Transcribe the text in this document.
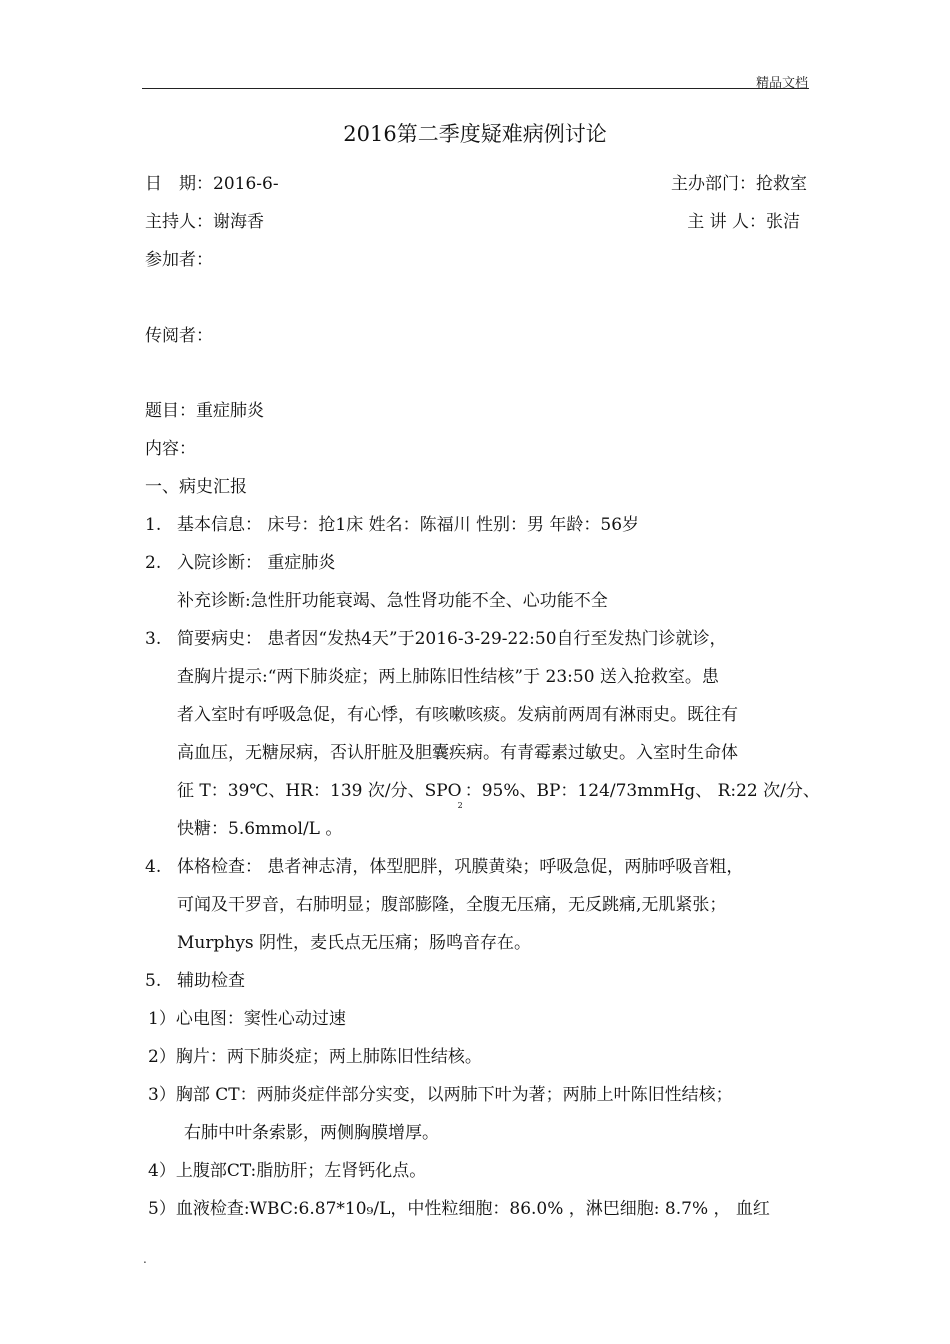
精品文档
2016第二季度疑难病例讨论
日　期：2016-6-	主办部门：抢救室
主持人：谢海香	主 讲 人：张洁
参加者：
传阅者：
题目：重症肺炎
内容：
一、病史汇报
1. 基本信息： 床号：抢1床 姓名：陈福川 性别：男 年龄：56岁
2. 入院诊断： 重症肺炎
补充诊断:急性肝功能衰竭、急性肾功能不全、心功能不全
3. 简要病史： 患者因“发热4天”于2016-3-29-22:50自行至发热门诊就诊，
查胸片提示:“两下肺炎症；两上肺陈旧性结核”于 23:50 送入抢救室。患
者入室时有呼吸急促，有心悸，有咳嗽咳痰。发病前两周有淋雨史。既往有
高血压，无糖尿病，否认肝脏及胆囊疾病。有青霉素过敏史。入室时生命体
征 T：39℃、HR：139 次/分、$SPO_2$：95%、BP：124/73mmHg、 R:22 次/分、
快糖：5.6mmol/L 。
4. 体格检查： 患者神志清，体型肥胖，巩膜黄染；呼吸急促，两肺呼吸音粗，
可闻及干罗音，右肺明显；腹部膨隆，全腹无压痛，无反跳痛,无肌紧张；
Murphys 阴性，麦氏点无压痛；肠鸣音存在。
5. 辅助检查
1）心电图：窦性心动过速
2）胸片：两下肺炎症；两上肺陈旧性结核。
3）胸部 CT：两肺炎症伴部分实变，以两肺下叶为著；两肺上叶陈旧性结核；
右肺中叶条索影，两侧胸膜增厚。
4）上腹部CT:脂肪肝；左肾钙化点。
5）血液检查:WBC:6.87*10₉/L，中性粒细胞：86.0% ，淋巴细胞: 8.7% ， 血红
.
